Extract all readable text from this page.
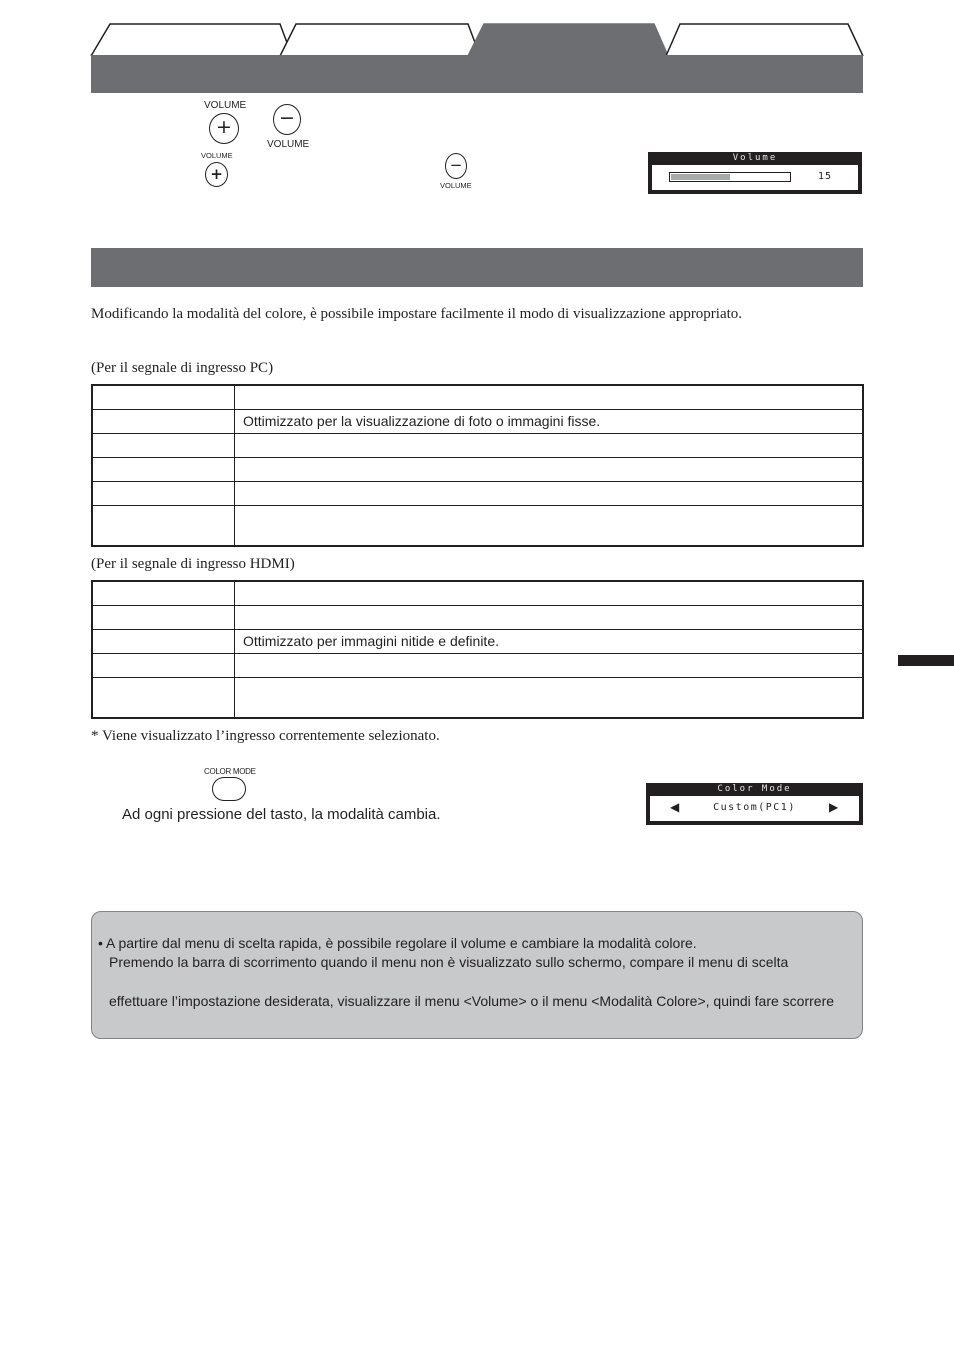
VOLUME
+	−
VOLUME
VOLUME
+	−
VOLUME
Volume
15
Modificando la modalità del colore, è possibile impostare facilmente il modo di visualizzazione appropriato.
(Per il segnale di ingresso PC)

	Ottimizzato per la visualizzazione di foto o immagini fisse.

(Per il segnale di ingresso HDMI)

	Ottimizzato per immagini nitide e definite.

* Viene visualizzato l’ingresso correntemente selezionato.
COLOR MODE
Ad ogni pressione del tasto, la modalità cambia.
Color Mode
◀	Custom(PC1)	▶
• A partire dal menu di scelta rapida, è possibile regolare il volume e cambiare la modalità colore.
Premendo la barra di scorrimento quando il menu non è visualizzato sullo schermo, compare il menu di scelta
effettuare l’impostazione desiderata, visualizzare il menu <Volume> o il menu <Modalità Colore>, quindi fare scorrere
